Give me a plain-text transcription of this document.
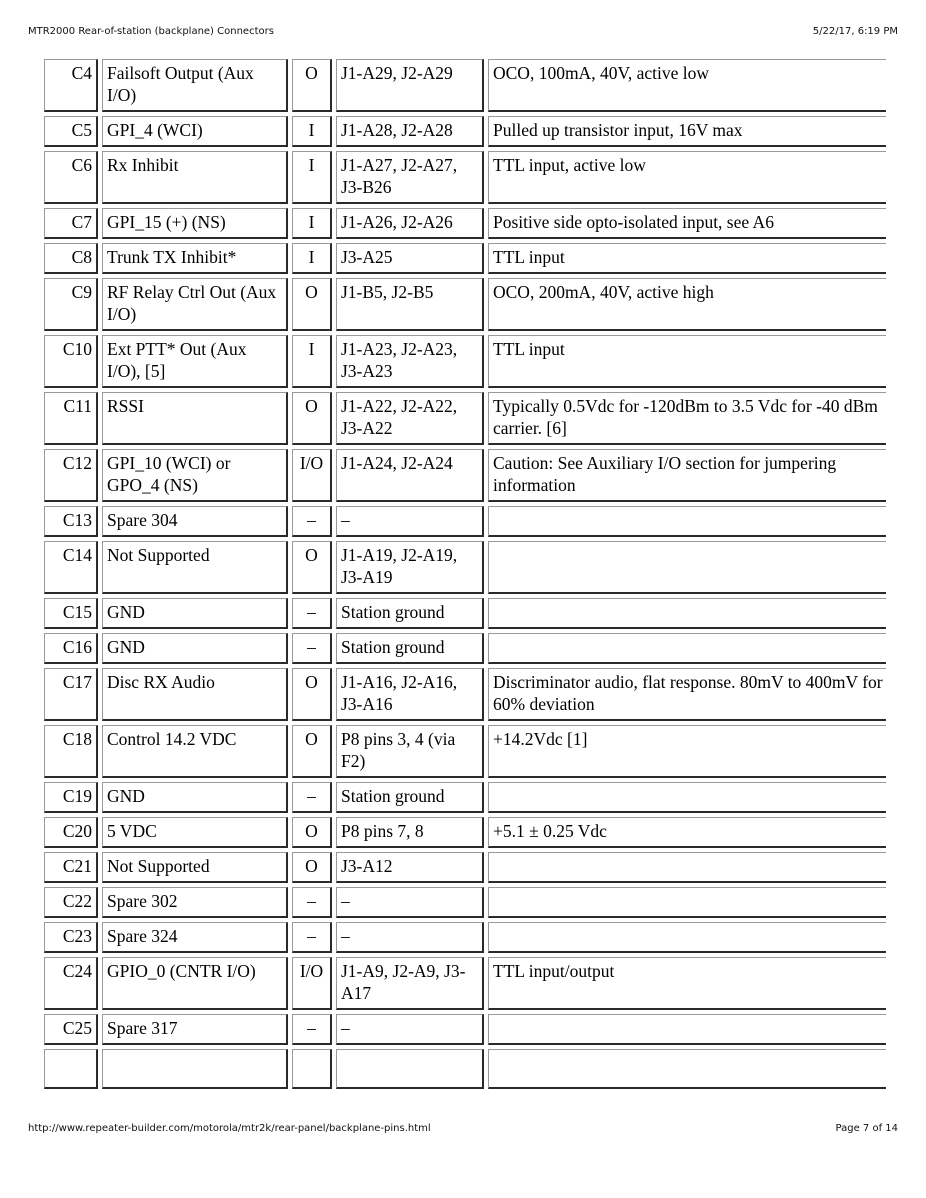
MTR2000 Rear-of-station (backplane) Connectors	5/22/17, 6:19 PM
C4	Failsoft Output (Aux I/O)	O	J1-A29, J2-A29	OCO, 100mA, 40V, active low
C5	GPI_4 (WCI)	I	J1-A28, J2-A28	Pulled up transistor input, 16V max
C6	Rx Inhibit	I	J1-A27, J2-A27, J3-B26	TTL input, active low
C7	GPI_15 (+) (NS)	I	J1-A26, J2-A26	Positive side opto-isolated input, see A6
C8	Trunk TX Inhibit*	I	J3-A25	TTL input
C9	RF Relay Ctrl Out (Aux I/O)	O	J1-B5, J2-B5	OCO, 200mA, 40V, active high
C10	Ext PTT* Out (Aux I/O), [5]	I	J1-A23, J2-A23, J3-A23	TTL input
C11	RSSI	O	J1-A22, J2-A22, J3-A22	Typically 0.5Vdc for -120dBm to 3.5 Vdc for -40 dBm carrier. [6]
C12	GPI_10 (WCI) or GPO_4 (NS)	I/O	J1-A24, J2-A24	Caution: See Auxiliary I/O section for jumpering information
C13	Spare 304	–	–	
C14	Not Supported	O	J1-A19, J2-A19, J3-A19	
C15	GND	–	Station ground	
C16	GND	–	Station ground	
C17	Disc RX Audio	O	J1-A16, J2-A16, J3-A16	Discriminator audio, flat response. 80mV to 400mV for 60% deviation
C18	Control 14.2 VDC	O	P8 pins 3, 4 (via F2)	+14.2Vdc [1]
C19	GND	–	Station ground	
C20	5 VDC	O	P8 pins 7, 8	+5.1 ± 0.25 Vdc
C21	Not Supported	O	J3-A12	
C22	Spare 302	–	–	
C23	Spare 324	–	–	
C24	GPIO_0 (CNTR I/O)	I/O	J1-A9, J2-A9, J3-A17	TTL input/output
C25	Spare 317	–	–	

http://www.repeater-builder.com/motorola/mtr2k/rear-panel/backplane-pins.html	Page 7 of 14
